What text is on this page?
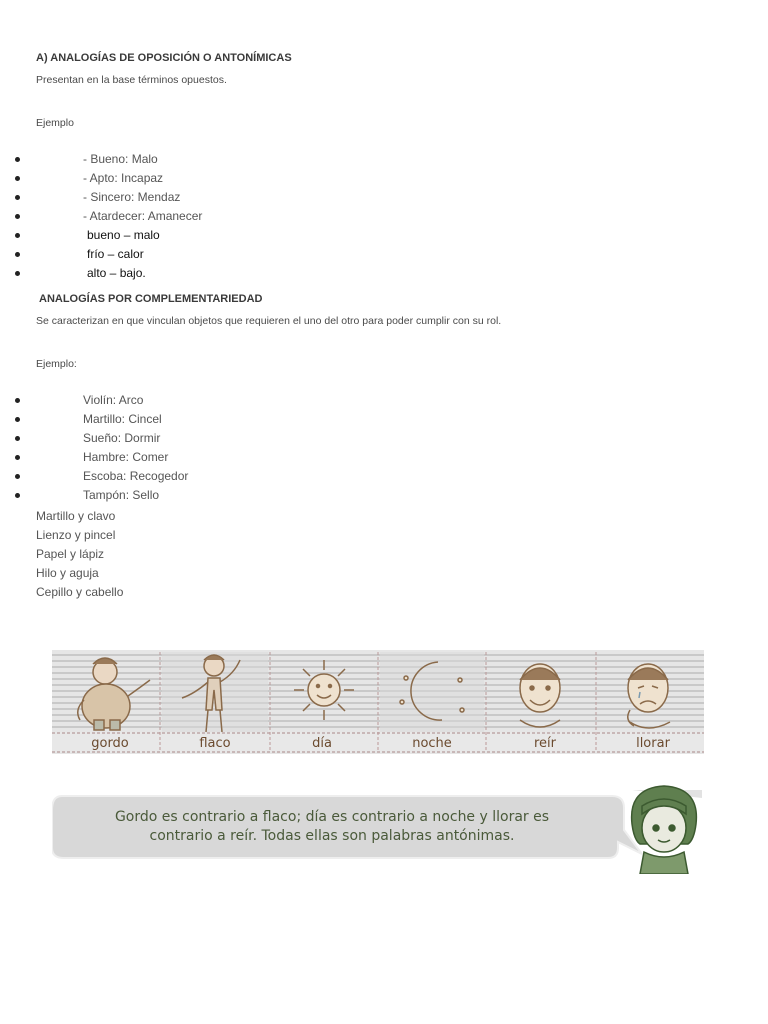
A) ANALOGÍAS DE OPOSICIÓN O ANTONÍMICAS
Presentan en la base términos opuestos.
Ejemplo
- Bueno: Malo
- Apto: Incapaz
- Sincero: Mendaz
- Atardecer: Amanecer
bueno – malo
frío – calor
alto – bajo.
ANALOGÍAS POR COMPLEMENTARIEDAD
Se caracterizan en que vinculan objetos que requieren el uno del otro para poder cumplir con su rol.
Ejemplo:
Violín: Arco
Martillo: Cincel
Sueño: Dormir
Hambre: Comer
Escoba: Recogedor
Tampón: Sello
Martillo y clavo
Lienzo y pincel
Papel y lápiz
Hilo y aguja
Cepillo y cabello
gordo	flaco	día	noche	reír	llorar
Gordo es contrario a flaco; día es contrario a noche y llorar es
contrario a reír. Todas ellas son palabras antónimas.
